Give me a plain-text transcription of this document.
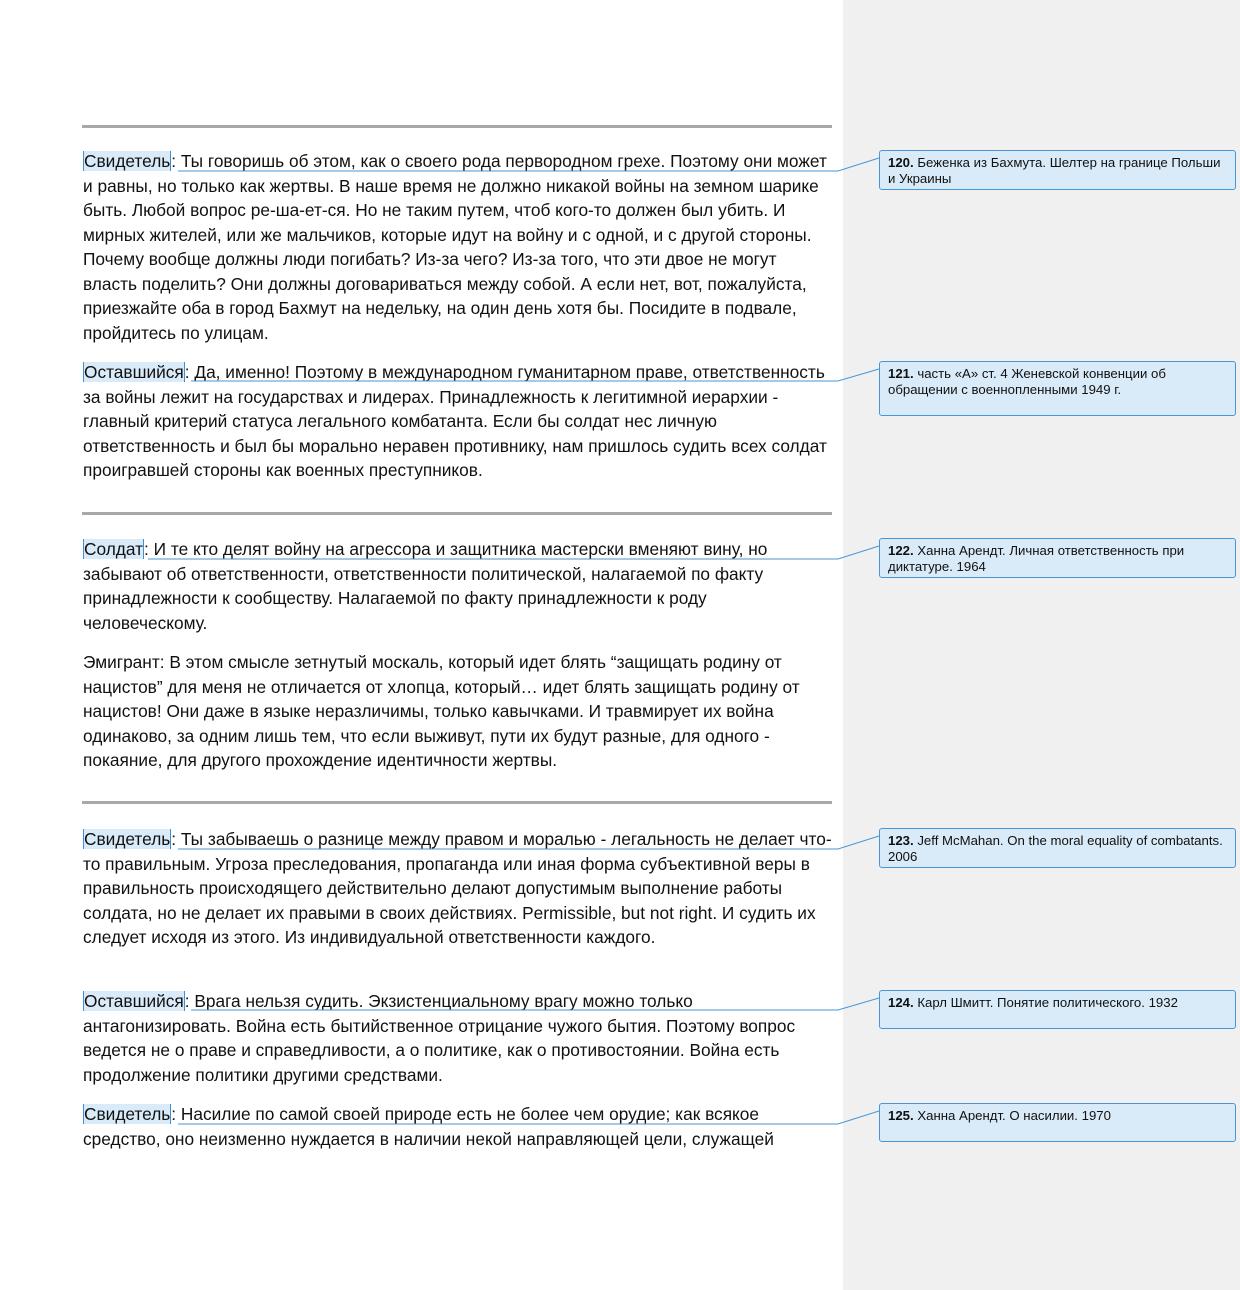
Свидетель: Ты говоришь об этом, как о своего рода первородном грехе. Поэтому они может и равны, но только как жертвы. В наше время не должно никакой войны на земном шарике быть. Любой вопрос ре-ша-ет-ся. Но не таким путем, чтоб кого-то должен был убить. И мирных жителей, или же мальчиков, которые идут на войну и с одной, и с другой стороны. Почему вообще должны люди погибать? Из-за чего? Из-за того, что эти двое не могут власть поделить? Они должны договариваться между собой. А если нет, вот, пожалуйста, приезжайте оба в город Бахмут на недельку, на один день хотя бы. Посидите в подвале, пройдитесь по улицам.

Оставшийся: Да, именно! Поэтому в международном гуманитарном праве, ответственность за войны лежит на государствах и лидерах. Принадлежность к легитимной иерархии - главный критерий статуса легального комбатанта. Если бы солдат нес личную ответственность и был бы морально неравен противнику, нам пришлось судить всех солдат проигравшей стороны как военных преступников.

Солдат: И те кто делят войну на агрессора и защитника мастерски вменяют вину, но забывают об ответственности, ответственности политической, налагаемой по факту принадлежности к сообществу. Налагаемой по факту принадлежности к роду человеческому.

Эмигрант: В этом смысле зетнутый москаль, который идет блять “защищать родину от нацистов” для меня не отличается от хлопца, который… идет блять защищать родину от нацистов! Они даже в языке неразличимы, только кавычками. И травмирует их война одинаково, за одним лишь тем, что если выживут, пути их будут разные, для одного - покаяние, для другого прохождение идентичности жертвы.

Свидетель: Ты забываешь о разнице между правом и моралью - легальность не делает что-то правильным. Угроза преследования, пропаганда или иная форма субъективной веры в правильность происходящего действительно делают допустимым выполнение работы солдата, но не делает их правыми в своих действиях. Permissible, but not right. И судить их следует исходя из этого. Из индивидуальной ответственности каждого.

Оставшийся: Врага нельзя судить. Экзистенциальному врагу можно только антагонизировать. Война есть бытийственное отрицание чужого бытия. Поэтому вопрос ведется не о праве и справедливости, а о политике, как о противостоянии. Война есть продолжение политики другими средствами.

Свидетель: Насилие по самой своей природе есть не более чем орудие; как всякое средство, оно неизменно нуждается в наличии некой направляющей цели, служащей

120. Беженка из Бахмута. Шелтер на границе Польши и Украины
121. часть «А» ст. 4 Женевской конвенции об обращении с военнопленными 1949 г.
122. Ханна Арендт. Личная ответственность при диктатуре. 1964
123. Jeff McMahan. On the moral equality of combatants. 2006
124. Карл Шмитт. Понятие политического. 1932
125. Ханна Арендт. О насилии. 1970
